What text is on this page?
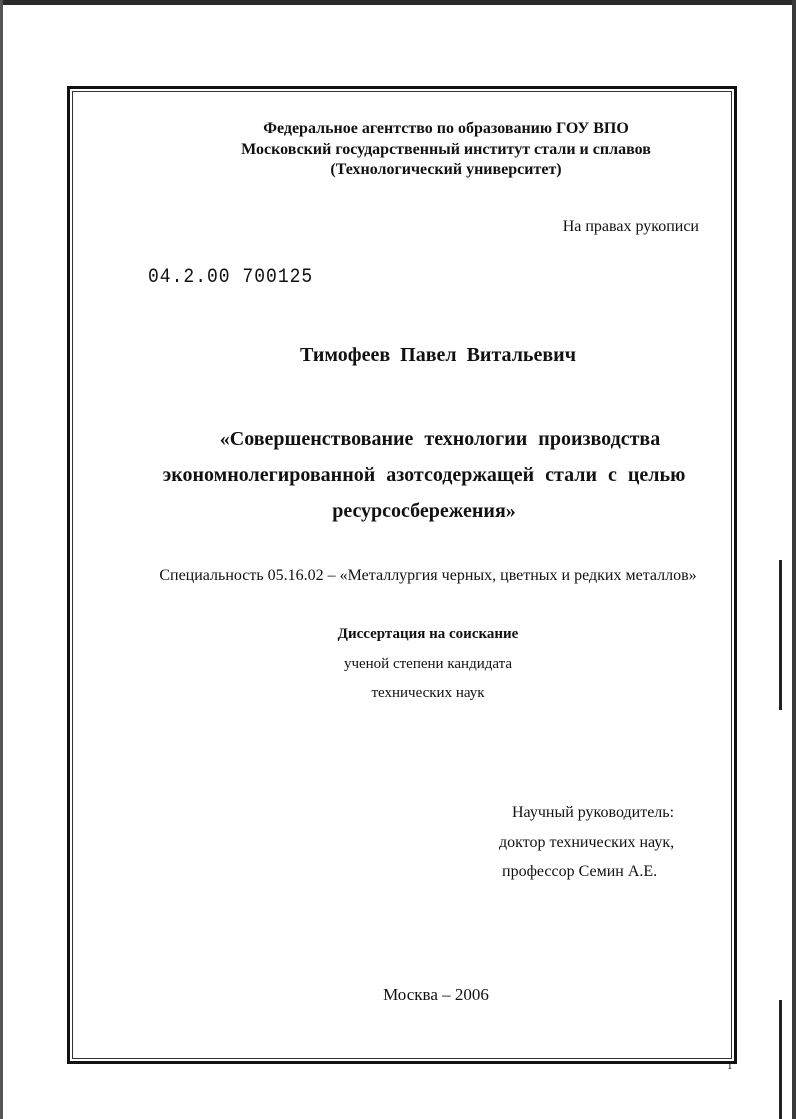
Федеральное агентство по образованию ГОУ ВПО
Московский государственный институт стали и сплавов
(Технологический университет)
На правах рукописи
04.2.00 700125
Тимофеев Павел Витальевич
«Совершенствование технологии производства
экономнолегированной азотсодержащей стали с целью
ресурсосбережения»
Специальность 05.16.02 – «Металлургия черных, цветных и редких металлов»
Диссертация на соискание
ученой степени кандидата
технических наук
Научный руководитель:
доктор технических наук,
профессор Семин А.Е.
Москва – 2006
1
